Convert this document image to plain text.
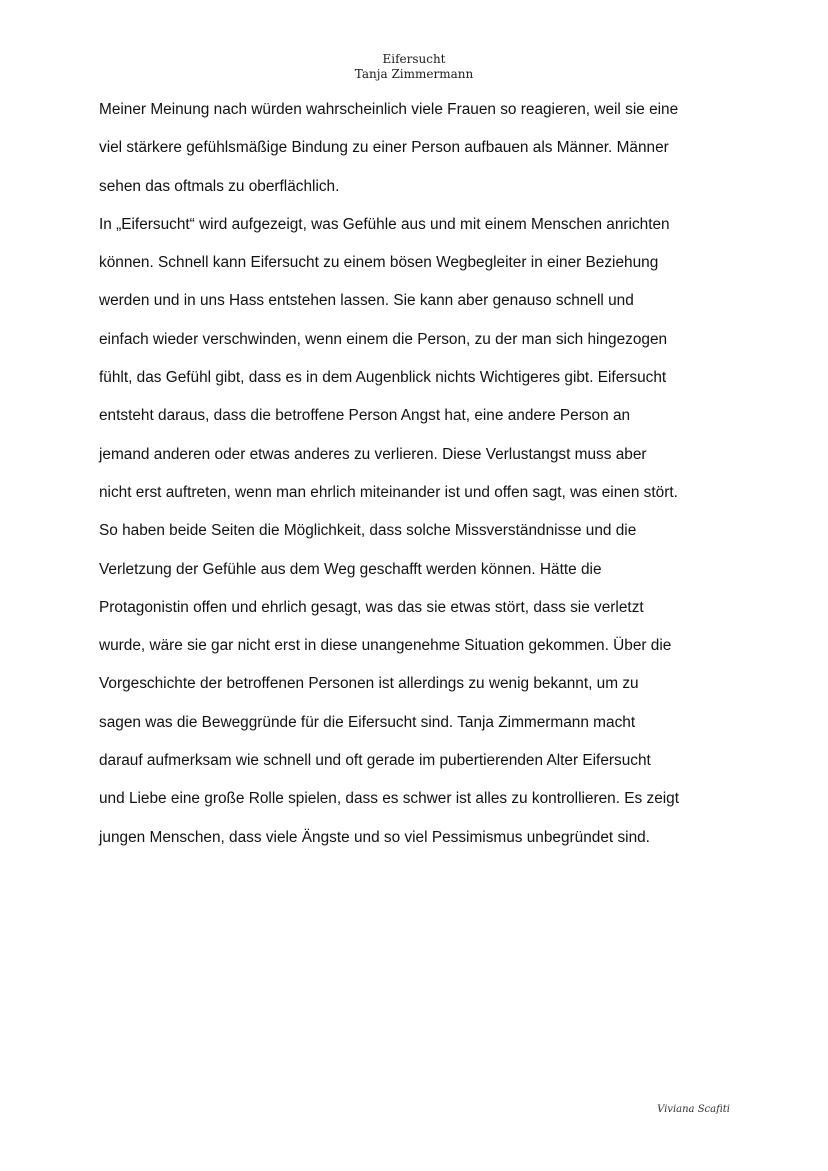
Eifersucht
Tanja Zimmermann
Meiner Meinung nach würden wahrscheinlich viele Frauen so reagieren, weil sie eine
viel stärkere gefühlsmäßige Bindung zu einer Person aufbauen als Männer. Männer
sehen das oftmals zu oberflächlich.
In „Eifersucht“ wird aufgezeigt, was Gefühle aus und mit einem Menschen anrichten
können. Schnell kann Eifersucht zu einem bösen Wegbegleiter in einer Beziehung
werden und in uns Hass entstehen lassen. Sie kann aber genauso schnell und
einfach wieder verschwinden, wenn einem die Person, zu der man sich hingezogen
fühlt, das Gefühl gibt, dass es in dem Augenblick nichts Wichtigeres gibt. Eifersucht
entsteht daraus, dass die betroffene Person Angst hat, eine andere Person an
jemand anderen oder etwas anderes zu verlieren. Diese Verlustangst muss aber
nicht erst auftreten, wenn man ehrlich miteinander ist und offen sagt, was einen stört.
So haben beide Seiten die Möglichkeit, dass solche Missverständnisse und die
Verletzung der Gefühle aus dem Weg geschafft werden können. Hätte die
Protagonistin offen und ehrlich gesagt, was das sie etwas stört, dass sie verletzt
wurde, wäre sie gar nicht erst in diese unangenehme Situation gekommen. Über die
Vorgeschichte der betroffenen Personen ist allerdings zu wenig bekannt, um zu
sagen was die Beweggründe für die Eifersucht sind. Tanja Zimmermann macht
darauf aufmerksam wie schnell und oft gerade im pubertierenden Alter Eifersucht
und Liebe eine große Rolle spielen, dass es schwer ist alles zu kontrollieren. Es zeigt
jungen Menschen, dass viele Ängste und so viel Pessimismus unbegründet sind.
Viviana Scafiti
